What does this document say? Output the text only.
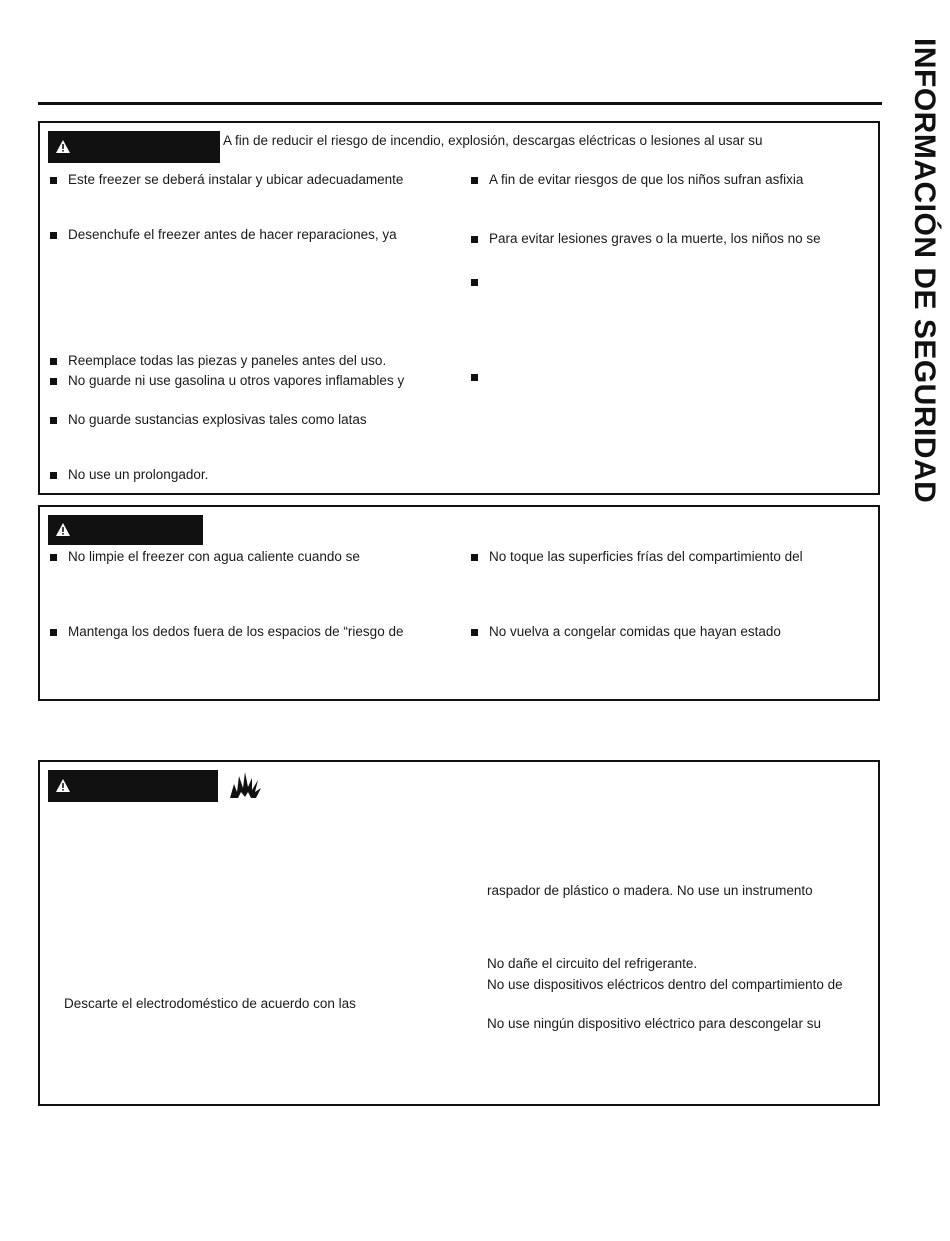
INFORMACIÓN DE SEGURIDAD
A fin de reducir el riesgo de incendio, explosión, descargas eléctricas o lesiones al usar su
Este freezer se deberá instalar y ubicar adecuadamente
Desenchufe el freezer antes de hacer reparaciones, ya
Reemplace todas las piezas y paneles antes del uso.
No guarde ni use gasolina u otros vapores inflamables y
No guarde sustancias explosivas tales como latas
No use un prolongador.
A fin de evitar riesgos de que los niños sufran asfixia
Para evitar lesiones graves o la muerte, los niños no se
No limpie el freezer con agua caliente cuando se
Mantenga los dedos fuera de los espacios de “riesgo de
No toque las superficies frías del compartimiento del
No vuelva a congelar comidas que hayan estado
Descarte el electrodoméstico de acuerdo con las
raspador de plástico o madera. No use un instrumento
No dañe el circuito del refrigerante.
No use dispositivos eléctricos dentro del compartimiento de
No use ningún dispositivo eléctrico para descongelar su
